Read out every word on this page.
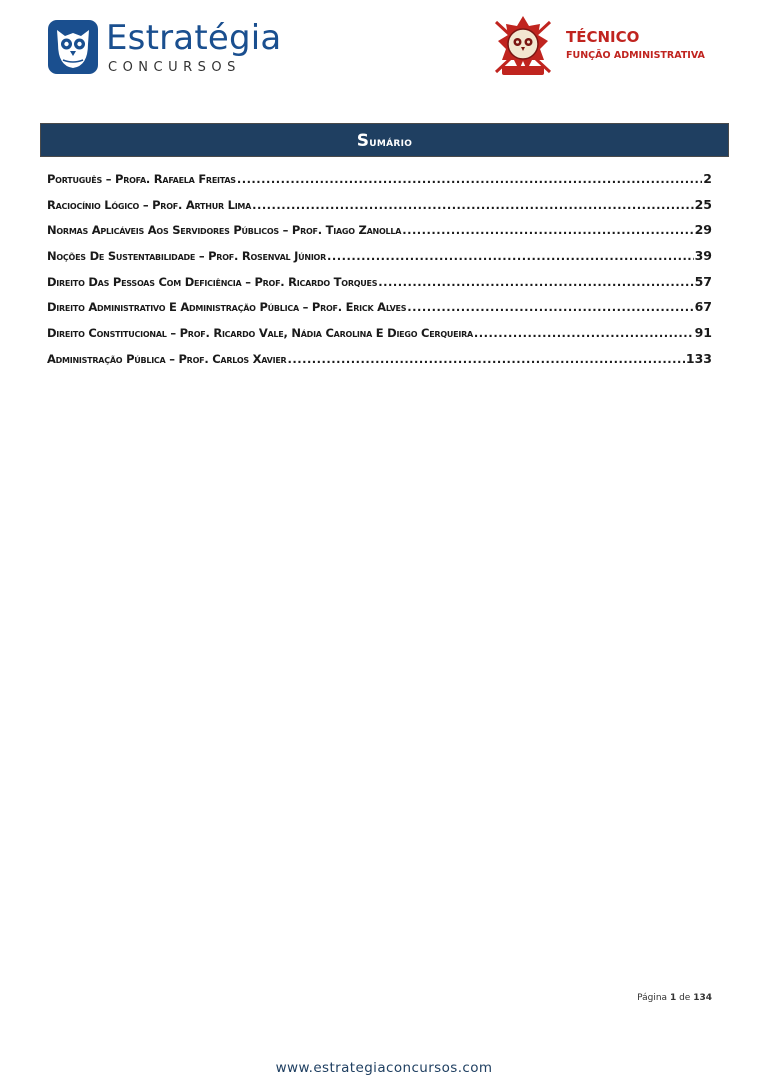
Estratégia
CONCURSOS
TÉCNICO
FUNÇÃO ADMINISTRATIVA
Sumário
Português – Profa. Rafaela Freitas .....	2
Raciocínio Lógico – Prof. Arthur Lima .....	25
Normas Aplicáveis Aos Servidores Públicos – Prof. Tiago Zanolla .....	29
Noções De Sustentabilidade – Prof. Rosenval Júnior .....	39
Direito Das Pessoas Com Deficiência – Prof. Ricardo Torques .....	57
Direito Administrativo E Administração Pública – Prof. Erick Alves .....	67
Direito Constitucional – Prof. Ricardo Vale, Nádia Carolina E Diego Cerqueira .....	91
Administração Pública – Prof. Carlos Xavier .....	133
Página 1 de 134
www.estrategiaconcursos.com
